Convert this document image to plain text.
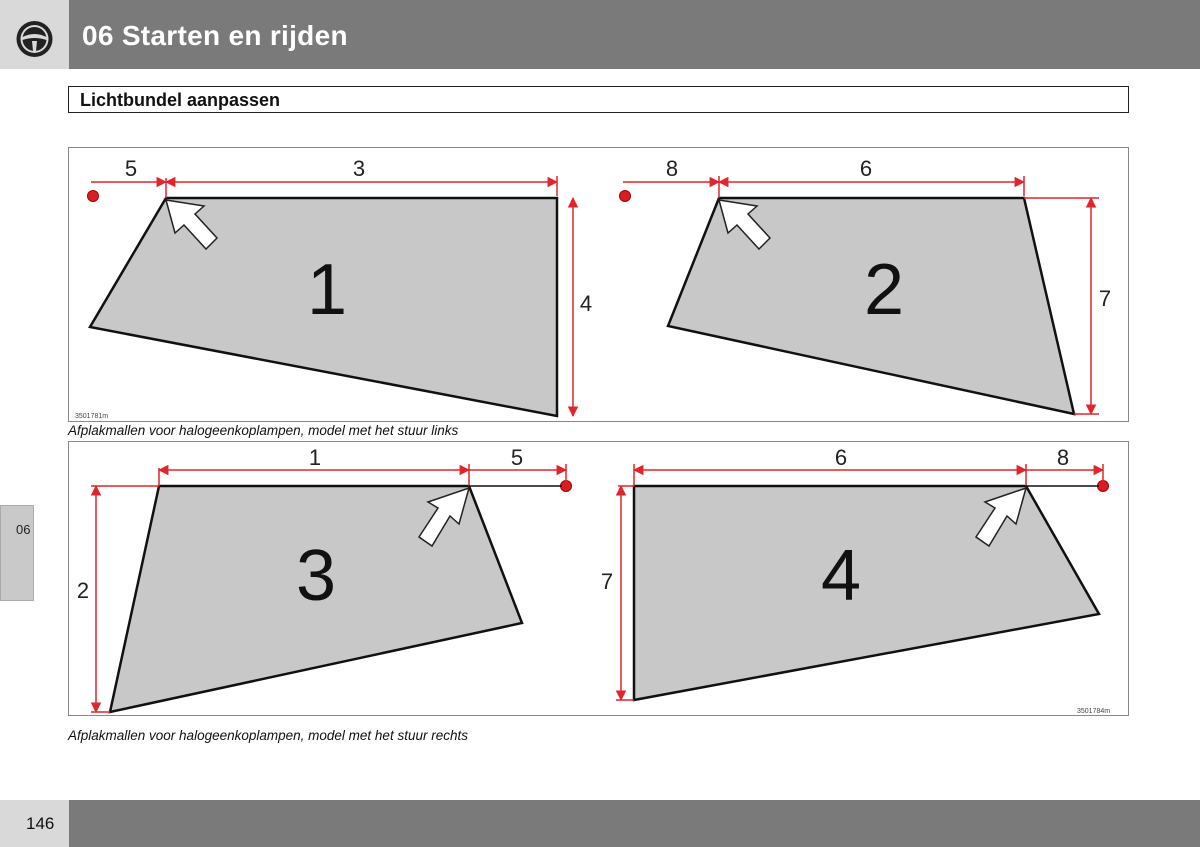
06 Starten en rijden
Lichtbundel aanpassen
1
5	3
4	2
8	6
7
3501781m
Afplakmallen voor halogeenkoplampen, model met het stuur links
3
1	5
2	4
6	8
7
3501784m
Afplakmallen voor halogeenkoplampen, model met het stuur rechts
06
146
